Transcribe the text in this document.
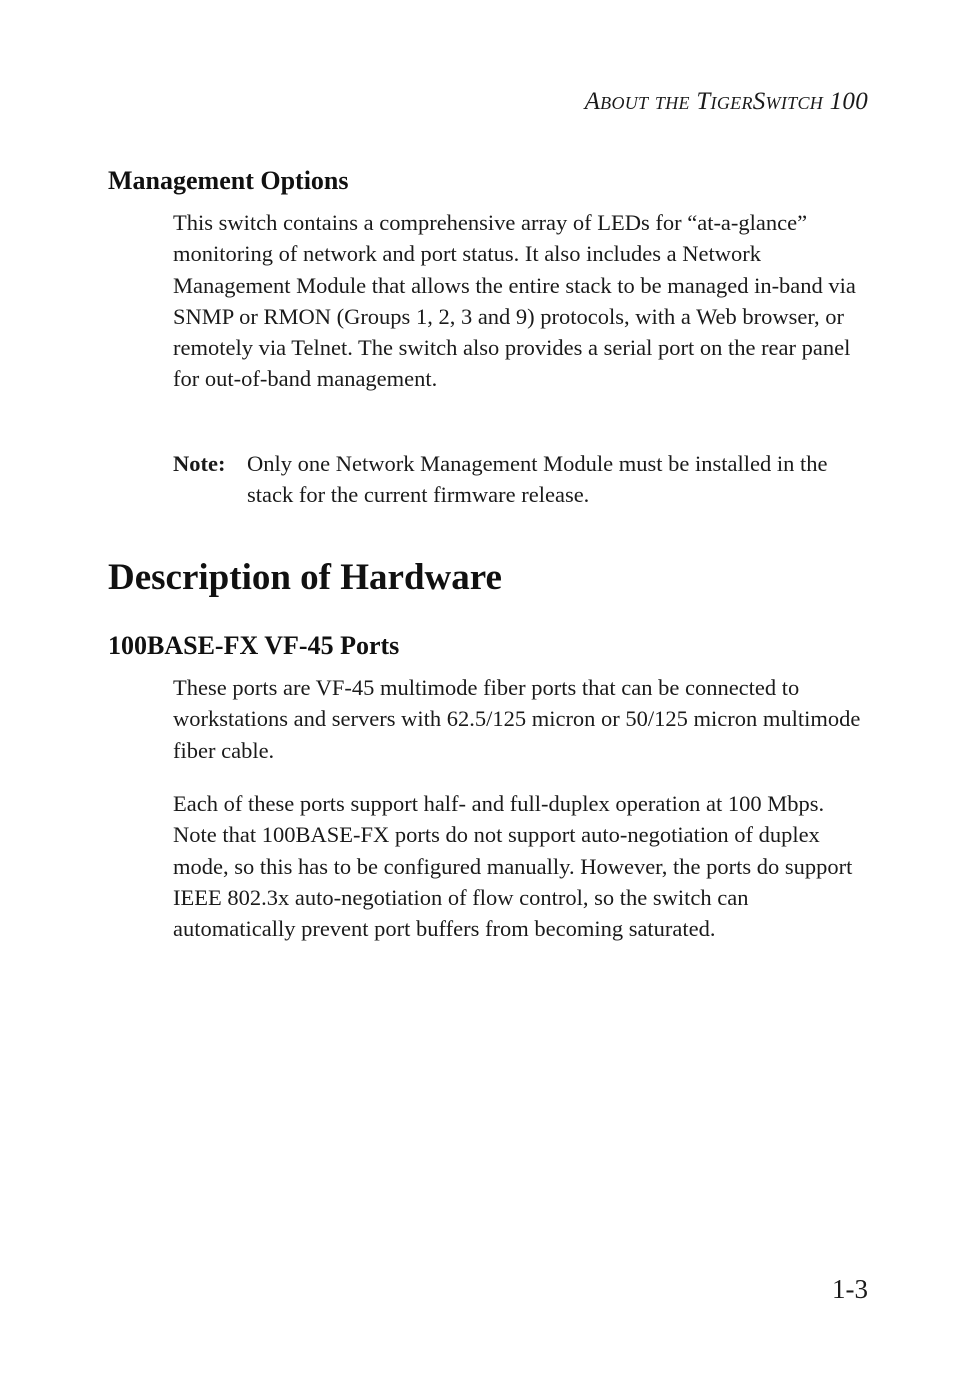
About the TigerSwitch 100
Management Options

This switch contains a comprehensive array of LEDs for “at-a-glance” monitoring of network and port status. It also includes a Network Management Module that allows the entire stack to be managed in-band via SNMP or RMON (Groups 1, 2, 3 and 9) protocols, with a Web browser, or remotely via Telnet. The switch also provides a serial port on the rear panel for out-of-band management.

Note: Only one Network Management Module must be installed in the stack for the current firmware release.
Description of Hardware
100BASE-FX VF-45 Ports

These ports are VF-45 multimode fiber ports that can be connected to workstations and servers with 62.5/125 micron or 50/125 micron multimode fiber cable.

Each of these ports support half- and full-duplex operation at 100 Mbps. Note that 100BASE-FX ports do not support auto-negotiation of duplex mode, so this has to be configured manually. However, the ports do support IEEE 802.3x auto-negotiation of flow control, so the switch can automatically prevent port buffers from becoming saturated.

1-3
